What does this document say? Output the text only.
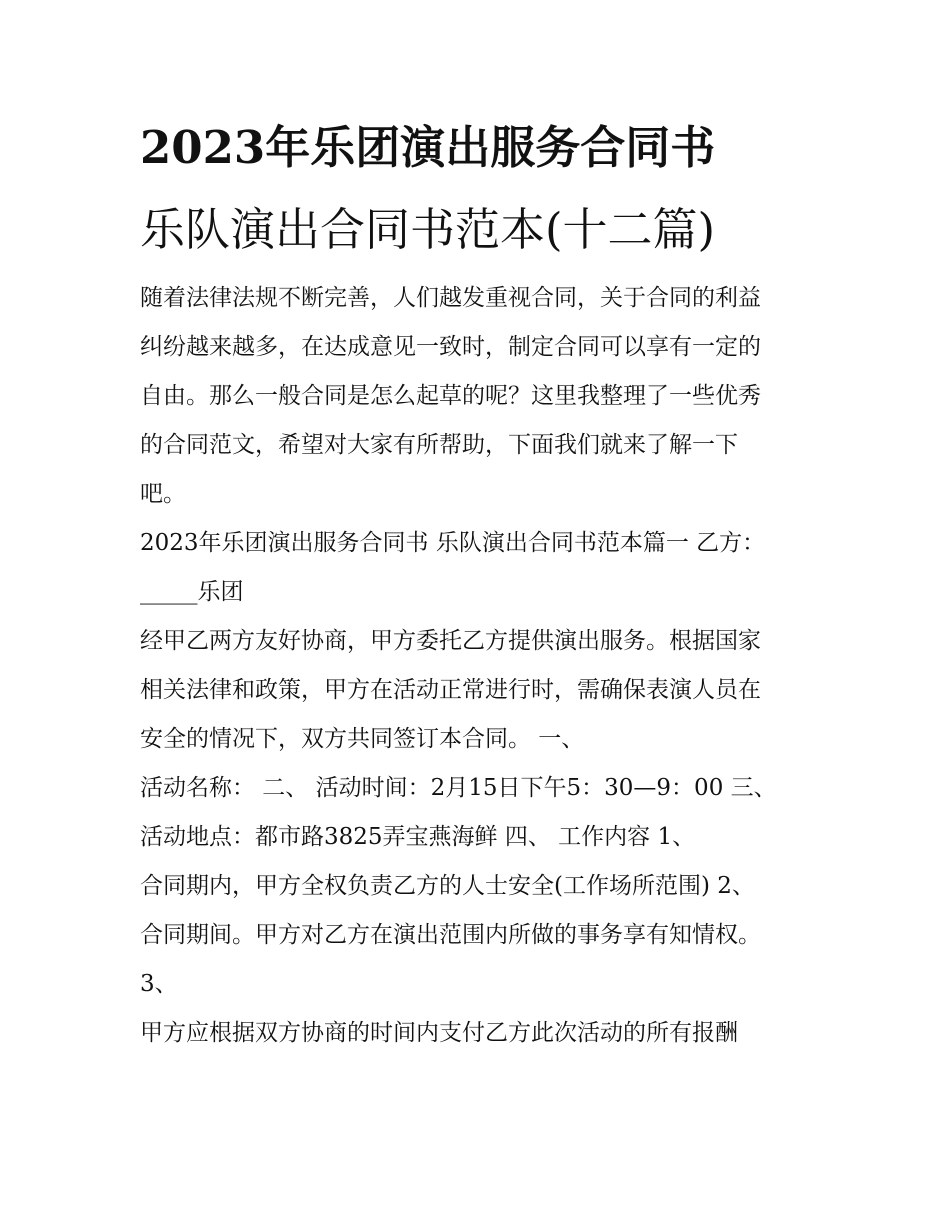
2023年乐团演出服务合同书
乐队演出合同书范本(十二篇)

随着法律法规不断完善，人们越发重视合同，关于合同的利益
纠纷越来越多，在达成意见一致时，制定合同可以享有一定的
自由。那么一般合同是怎么起草的呢？这里我整理了一些优秀
的合同范文，希望对大家有所帮助，下面我们就来了解一下
吧。

2023年乐团演出服务合同书 乐队演出合同书范本篇一 乙方：
_____乐团

经甲乙两方友好协商，甲方委托乙方提供演出服务。根据国家
相关法律和政策，甲方在活动正常进行时，需确保表演人员在
安全的情况下，双方共同签订本合同。 一、
活动名称： 二、 活动时间：2月15日下午5：30—9：00 三、
活动地点：都市路3825弄宝燕海鲜 四、 工作内容 1、
合同期内，甲方全权负责乙方的人士安全(工作场所范围) 2、
合同期间。甲方对乙方在演出范围内所做的事务享有知情权。
3、
甲方应根据双方协商的时间内支付乙方此次活动的所有报酬
